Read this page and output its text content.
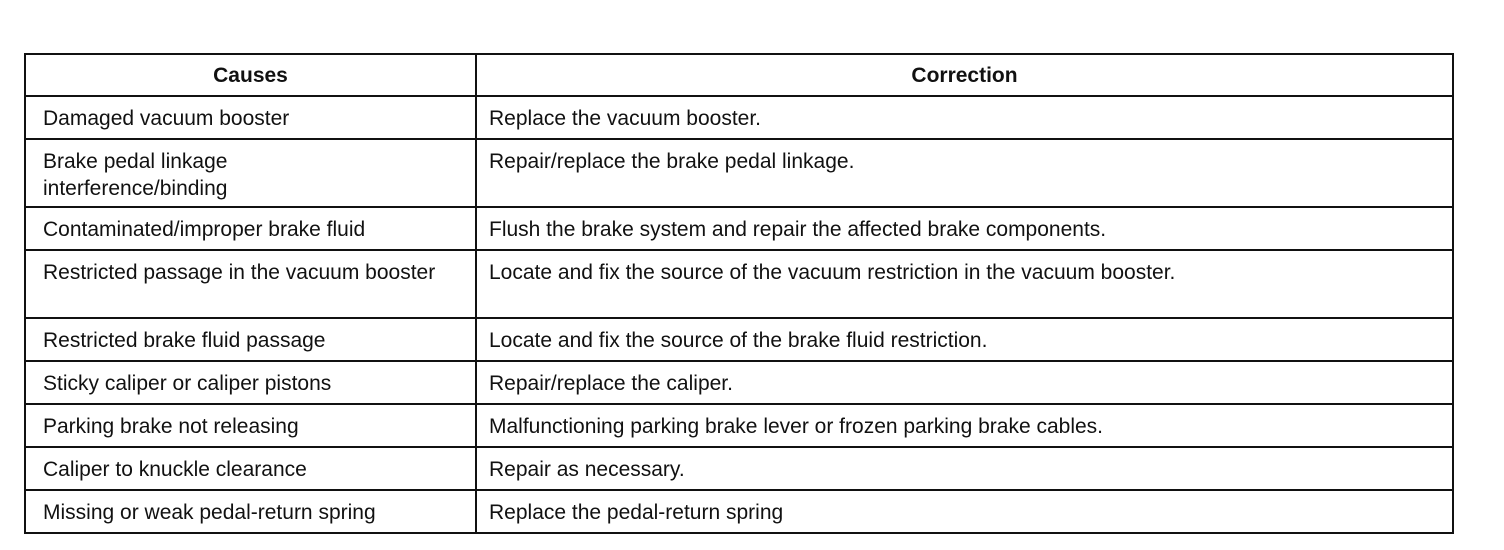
Causes	Correction

Damaged vacuum booster	Replace the vacuum booster.

Brake pedal linkage interference/binding	Repair/replace the brake pedal linkage.

Contaminated/improper brake fluid	Flush the brake system and repair the affected brake components.

Restricted passage in the vacuum booster	Locate and fix the source of the vacuum restriction in the vacuum booster.

Restricted brake fluid passage	Locate and fix the source of the brake fluid restriction.

Sticky caliper or caliper pistons	Repair/replace the caliper.

Parking brake not releasing	Malfunctioning parking brake lever or frozen parking brake cables.

Caliper to knuckle clearance	Repair as necessary.

Missing or weak pedal-return spring	Replace the pedal-return spring
